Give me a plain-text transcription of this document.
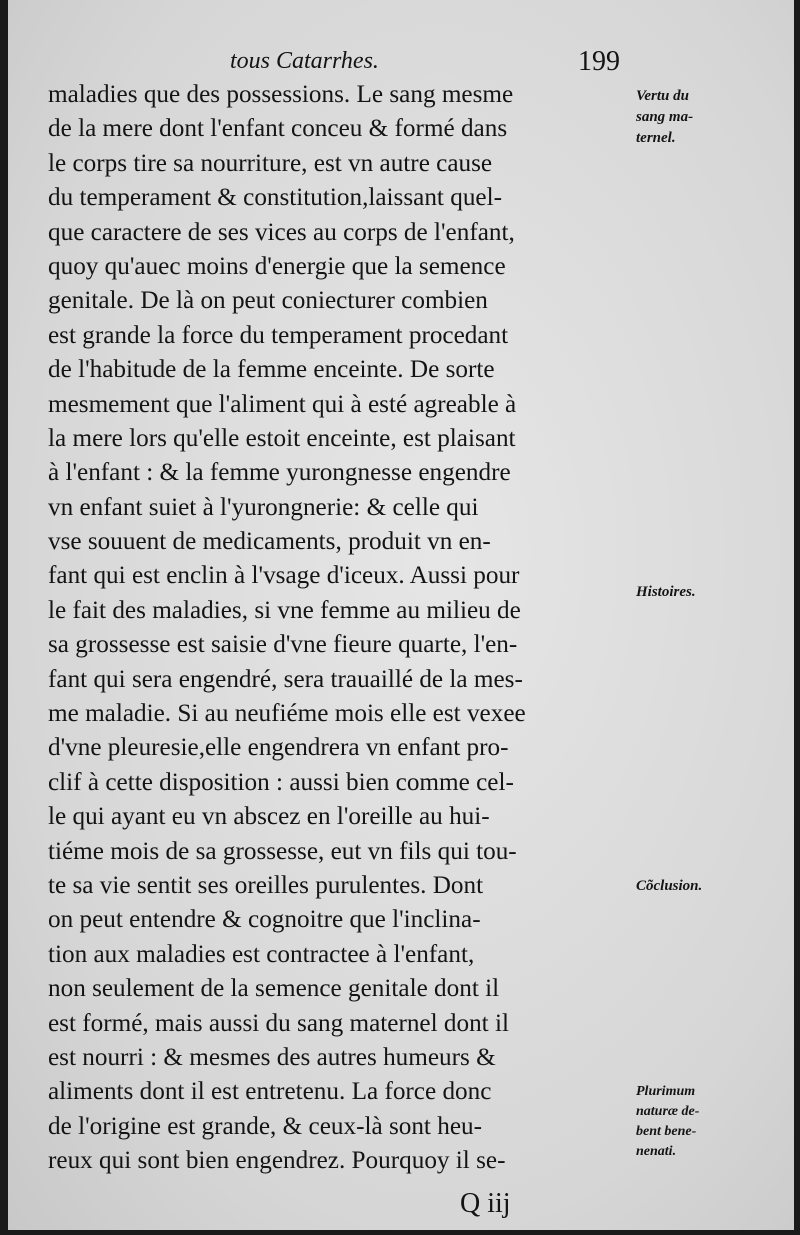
tous Catarrhes.	199
maladies que des possessions. Le sang mesme
de la mere dont l'enfant conceu & formé dans
le corps tire sa nourriture, est vn autre cause
du temperament & constitution,laissant quel-
que caractere de ses vices au corps de l'enfant,
quoy qu'auec moins d'energie que la semence
genitale. De là on peut coniecturer combien
est grande la force du temperament procedant
de l'habitude de la femme enceinte. De sorte
mesmement que l'aliment qui à esté agreable à
la mere lors qu'elle estoit enceinte, est plaisant
à l'enfant : & la femme yurongnesse engendre
vn enfant suiet à l'yurongnerie: & celle qui
vse souuent de medicaments, produit vn en-
fant qui est enclin à l'vsage d'iceux. Aussi pour
le fait des maladies, si vne femme au milieu de
sa grossesse est saisie d'vne fieure quarte, l'en-
fant qui sera engendré, sera trauaillé de la mes-
me maladie. Si au neufiéme mois elle est vexee
d'vne pleuresie,elle engendrera vn enfant pro-
clif à cette disposition : aussi bien comme cel-
le qui ayant eu vn abscez en l'oreille au hui-
tiéme mois de sa grossesse, eut vn fils qui tou-
te sa vie sentit ses oreilles purulentes. Dont
on peut entendre & cognoitre que l'inclina-
tion aux maladies est contractee à l'enfant,
non seulement de la semence genitale dont il
est formé, mais aussi du sang maternel dont il
est nourri : & mesmes des autres humeurs &
aliments dont il est entretenu. La force donc
de l'origine est grande, & ceux-là sont heu-
reux qui sont bien engendrez. Pourquoy il se-
Vertu du
sang ma-
ternel.
Histoires.
Cõclusion.
Plurimum
naturæ de-
bent bene-
nenati.
Q iij
